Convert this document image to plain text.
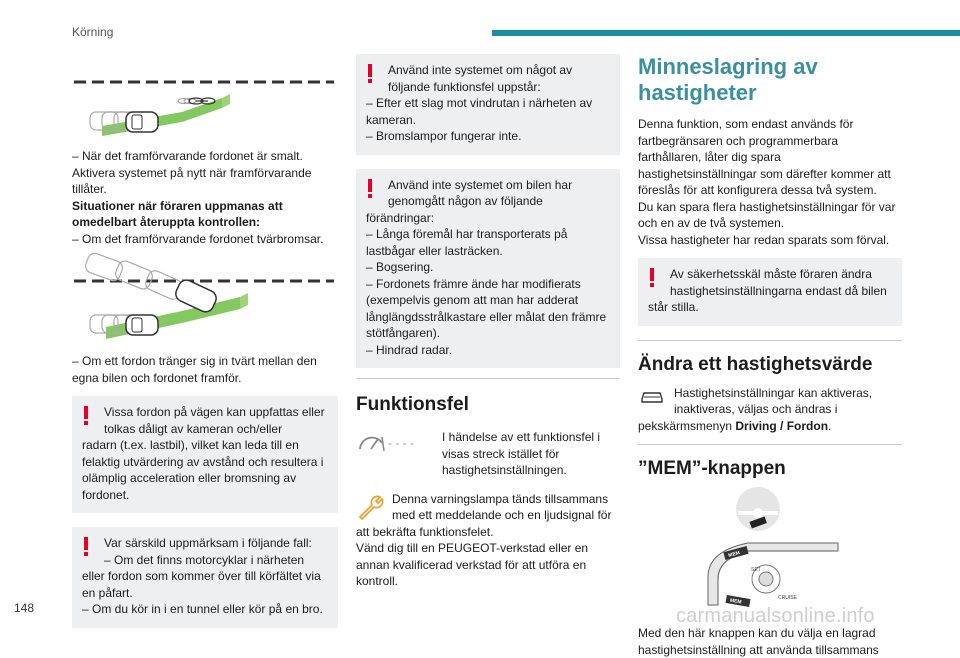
Körning

– När det framförvarande fordonet är smalt.

Aktivera systemet på nytt när framförvarande tillåter.

Situationer när föraren uppmanas att omedelbart återuppta kontrollen:

– Om det framförvarande fordonet tvärbromsar.

– Om ett fordon tränger sig in tvärt mellan den egna bilen och fordonet framför.

Vissa fordon på vägen kan uppfattas eller tolkas dåligt av kameran och/eller

radarn (t.ex. lastbil), vilket kan leda till en felaktig utvärdering av avstånd och resultera i olämplig acceleration eller bromsning av fordonet.

Var särskild uppmärksam i följande fall:

– Om det finns motorcyklar i närheten

eller fordon som kommer över till körfältet via en påfart.

– Om du kör in i en tunnel eller kör på en bro.

Använd inte systemet om något av följande funktionsfel uppstår:

– Efter ett slag mot vindrutan i närheten av kameran.

– Bromslampor fungerar inte.

Använd inte systemet om bilen har genomgått någon av följande

förändringar:

– Långa föremål har transporterats på lastbågar eller lasträcken.

– Bogsering.

– Fordonets främre ände har modifierats (exempelvis genom att man har adderat långlängdsstrålkastare eller målat den främre stötfångaren).

– Hindrad radar.

Funktionsfel
- - - - I händelse av ett funktionsfel i visas streck istället för hastighetsinställningen.

Denna varningslampa tänds tillsammans med ett meddelande och en ljudsignal för

att bekräfta funktionsfelet.

Vänd dig till en PEUGEOT-verkstad eller en annan kvalificerad verkstad för att utföra en kontroll.

Minneslagring av hastigheter

Denna funktion, som endast används för fartbegränsaren och programmerbara farthållaren, låter dig spara hastighetsinställningar som därefter kommer att föreslås för att konfigurera dessa två system.

Du kan spara flera hastighetsinställningar för var och en av de två systemen.

Vissa hastigheter har redan sparats som förval.

Av säkerhetsskäl måste föraren ändra hastighetsinställningarna endast då bilen

står stilla.

Ändra ett hastighetsvärde

Hastighetsinställningar kan aktiveras, inaktiveras, väljas och ändras i

pekskärmsmenyn Driving / Fordon.

”MEM”-knappen
MEM
MEM
SET
CRUISE

Med den här knappen kan du välja en lagrad hastighetsinställning att använda tillsammans

148	carmanualsonline.info
